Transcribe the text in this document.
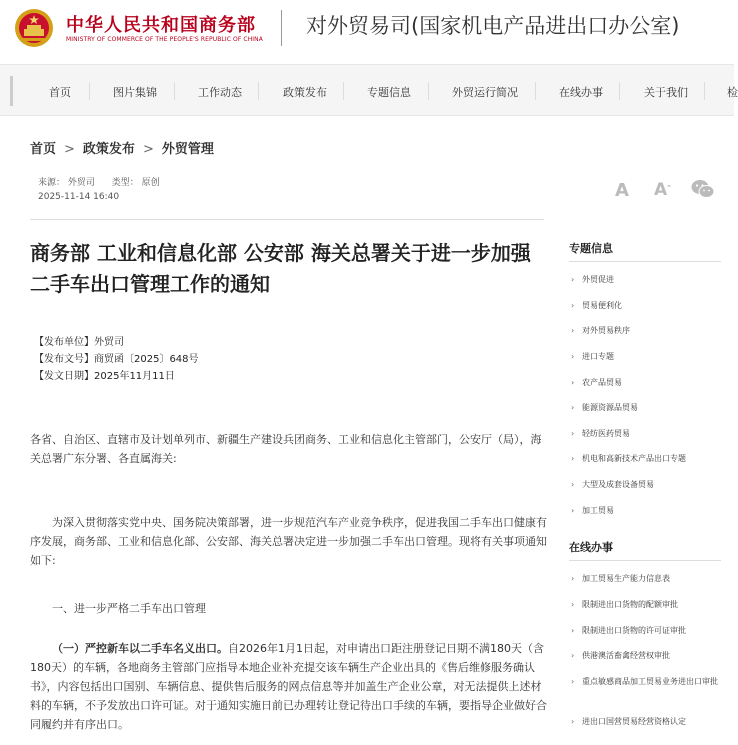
中华人民共和国商务部
MINISTRY OF COMMERCE OF THE PEOPLE'S REPUBLIC OF CHINA
对外贸易司(国家机电产品进出口办公室)
首页	图片集锦	工作动态	政策发布	专题信息	外贸运行简况	在线办事	关于我们	检
首页 > 政策发布 > 外贸管理
来源： 外贸司 类型： 原创
2025-11-14 16:40	A A-
商务部 工业和信息化部 公安部 海关总署关于进一步加强二手车出口管理工作的通知
【发布单位】外贸司
【发布文号】商贸函〔2025〕648号
【发文日期】2025年11月11日
各省、自治区、直辖市及计划单列市、新疆生产建设兵团商务、工业和信息化主管部门，公安厅（局），海关总署广东分署、各直属海关:
为深入贯彻落实党中央、国务院决策部署，进一步规范汽车产业竞争秩序，促进我国二手车出口健康有序发展，商务部、工业和信息化部、公安部、海关总署决定进一步加强二手车出口管理。现将有关事项通知如下:
一、进一步严格二手车出口管理
（一）严控新车以二手车名义出口。自2026年1月1日起，对申请出口距注册登记日期不满180天（含180天）的车辆，各地商务主管部门应指导本地企业补充提交该车辆生产企业出具的《售后维修服务确认书》，内容包括出口国别、车辆信息、提供售后服务的网点信息等并加盖生产企业公章，对无法提供上述材料的车辆，不予发放出口许可证。对于通知实施日前已办理转让登记待出口手续的车辆，要指导企业做好合同履约并有序出口。
专题信息
› 外贸促进
› 贸易便利化
› 对外贸易秩序
› 进口专题
› 农产品贸易
› 能源资源品贸易
› 轻纺医药贸易
› 机电和高新技术产品出口专题
› 大型及成套设备贸易
› 加工贸易
在线办事
› 加工贸易生产能力信息表
› 限制进出口货物的配额审批
› 限制进出口货物的许可证审批
› 供港澳活畜禽经营权审批
› 重点敏感商品加工贸易业务进出口审批
› 进出口国营贸易经营资格认定
